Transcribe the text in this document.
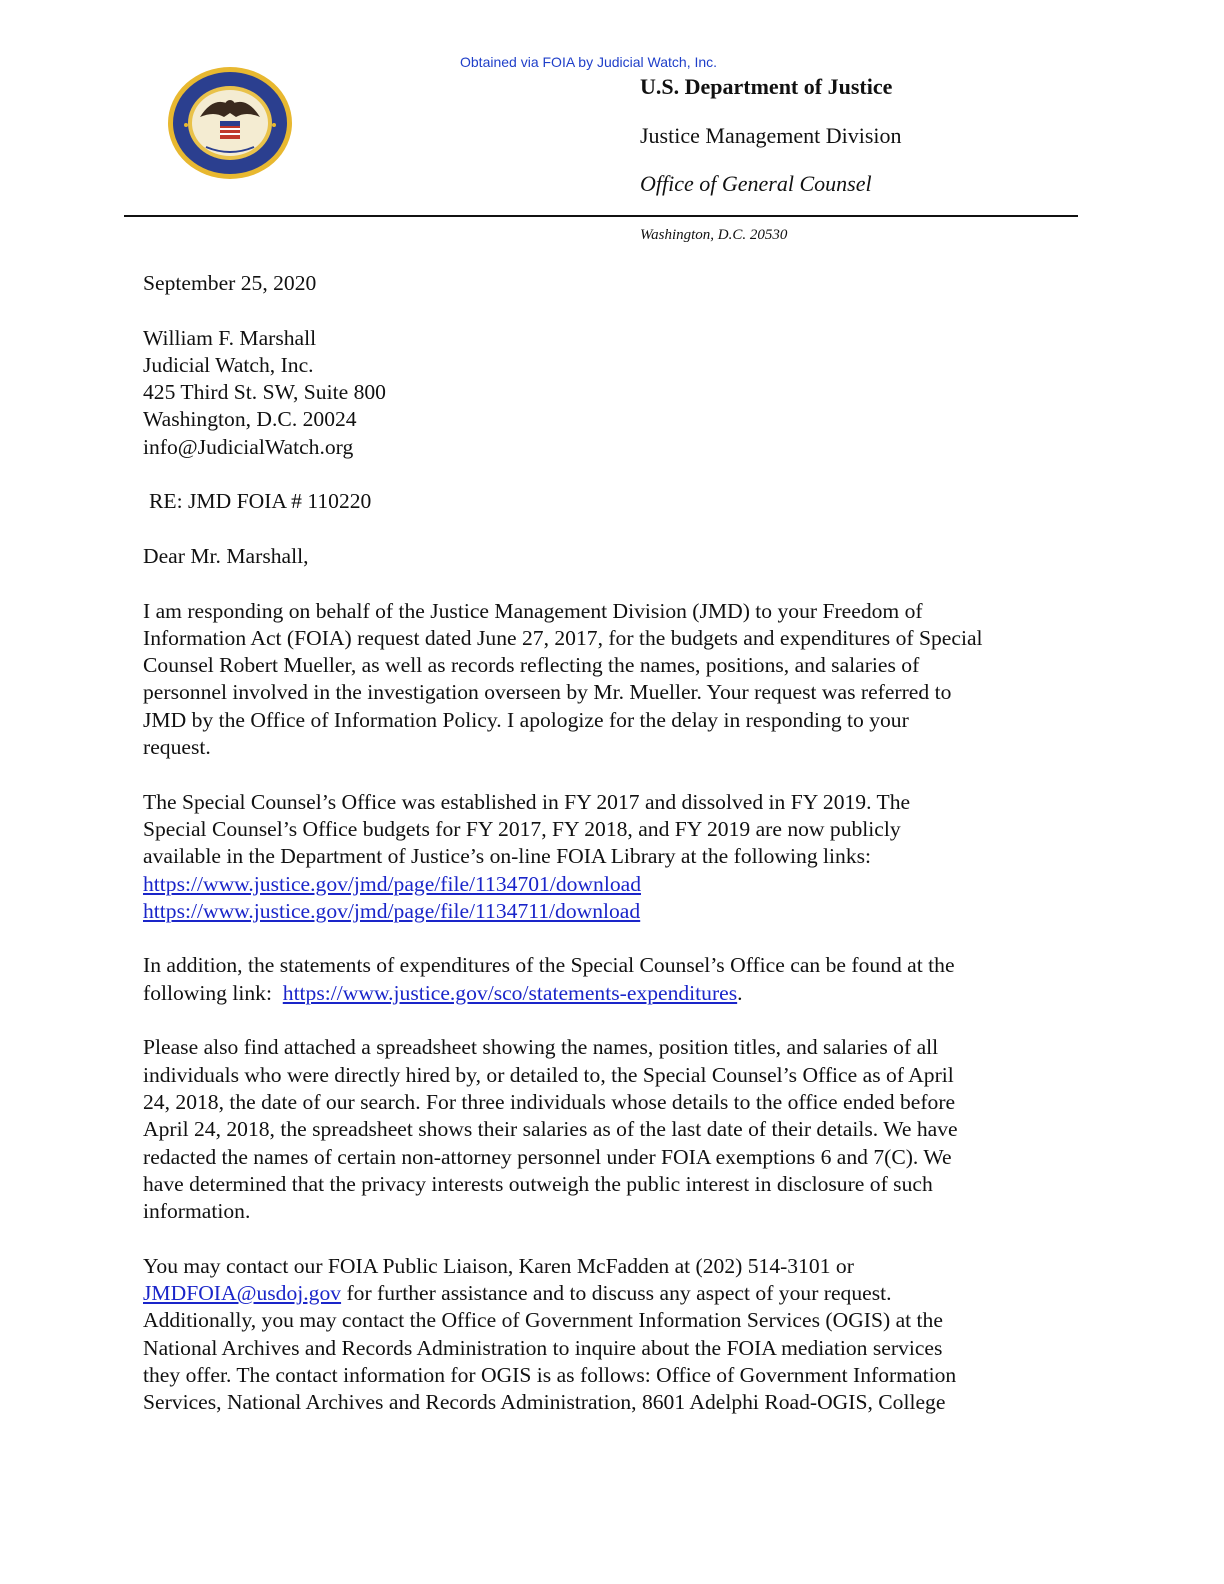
Obtained via FOIA by Judicial Watch, Inc.
U.S. Department of Justice
Justice Management Division
Office of General Counsel
Washington, D.C. 20530

September 25, 2020

William F. Marshall
Judicial Watch, Inc.
425 Third St. SW, Suite 800
Washington, D.C. 20024
info@JudicialWatch.org

RE: JMD FOIA # 110220

Dear Mr. Marshall,

I am responding on behalf of the Justice Management Division (JMD) to your Freedom of
Information Act (FOIA) request dated June 27, 2017, for the budgets and expenditures of Special
Counsel Robert Mueller, as well as records reflecting the names, positions, and salaries of
personnel involved in the investigation overseen by Mr. Mueller. Your request was referred to
JMD by the Office of Information Policy. I apologize for the delay in responding to your
request.

The Special Counsel’s Office was established in FY 2017 and dissolved in FY 2019. The
Special Counsel’s Office budgets for FY 2017, FY 2018, and FY 2019 are now publicly
available in the Department of Justice’s on-line FOIA Library at the following links:
https://www.justice.gov/jmd/page/file/1134701/download
https://www.justice.gov/jmd/page/file/1134711/download

In addition, the statements of expenditures of the Special Counsel’s Office can be found at the
following link:  https://www.justice.gov/sco/statements-expenditures.

Please also find attached a spreadsheet showing the names, position titles, and salaries of all
individuals who were directly hired by, or detailed to, the Special Counsel’s Office as of April
24, 2018, the date of our search. For three individuals whose details to the office ended before
April 24, 2018, the spreadsheet shows their salaries as of the last date of their details. We have
redacted the names of certain non-attorney personnel under FOIA exemptions 6 and 7(C). We
have determined that the privacy interests outweigh the public interest in disclosure of such
information.

You may contact our FOIA Public Liaison, Karen McFadden at (202) 514-3101 or
JMDFOIA@usdoj.gov for further assistance and to discuss any aspect of your request.
Additionally, you may contact the Office of Government Information Services (OGIS) at the
National Archives and Records Administration to inquire about the FOIA mediation services
they offer. The contact information for OGIS is as follows: Office of Government Information
Services, National Archives and Records Administration, 8601 Adelphi Road-OGIS, College
